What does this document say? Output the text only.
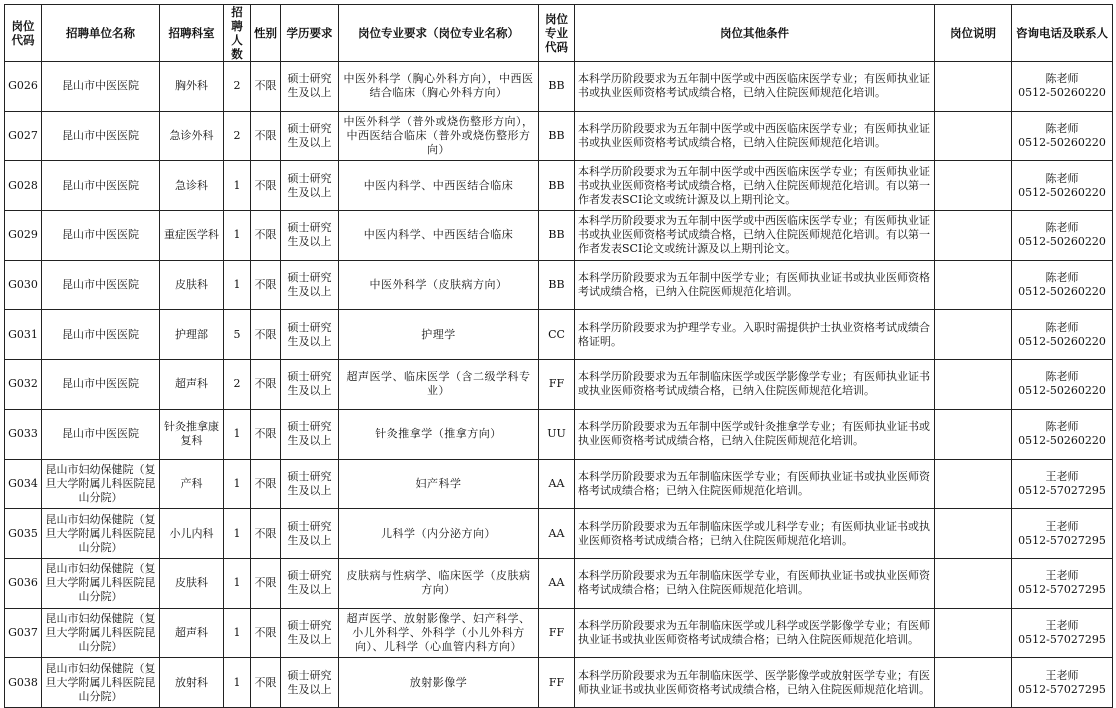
岗位代码	招聘单位名称	招聘科室	招聘人数	性别	学历要求	岗位专业要求（岗位专业名称）	岗位专业代码	岗位其他条件	岗位说明	咨询电话及联系人
G026	昆山市中医医院	胸外科	2	不限	硕士研究生及以上	中医外科学（胸心外科方向），中西医结合临床（胸心外科方向）	BB	本科学历阶段要求为五年制中医学或中西医临床医学专业；有医师执业证书或执业医师资格考试成绩合格，已纳入住院医师规范化培训。		陈老师
0512-50260220

G027	昆山市中医医院	急诊外科	2	不限	硕士研究生及以上	中医外科学（普外或烧伤整形方向），中西医结合临床（普外或烧伤整形方向）	BB	本科学历阶段要求为五年制中医学或中西医临床医学专业；有医师执业证书或执业医师资格考试成绩合格，已纳入住院医师规范化培训。		陈老师
0512-50260220

G028	昆山市中医医院	急诊科	1	不限	硕士研究生及以上	中医内科学、中西医结合临床	BB	本科学历阶段要求为五年制中医学或中西医临床医学专业；有医师执业证书或执业医师资格考试成绩合格，已纳入住院医师规范化培训。有以第一作者发表SCI论文或统计源及以上期刊论文。		陈老师
0512-50260220

G029	昆山市中医医院	重症医学科	1	不限	硕士研究生及以上	中医内科学、中西医结合临床	BB	本科学历阶段要求为五年制中医学或中西医临床医学专业；有医师执业证书或执业医师资格考试成绩合格，已纳入住院医师规范化培训。有以第一作者发表SCI论文或统计源及以上期刊论文。		陈老师
0512-50260220

G030	昆山市中医医院	皮肤科	1	不限	硕士研究生及以上	中医外科学（皮肤病方向）	BB	本科学历阶段要求为五年制中医学专业；有医师执业证书或执业医师资格考试成绩合格，已纳入住院医师规范化培训。		陈老师
0512-50260220

G031	昆山市中医医院	护理部	5	不限	硕士研究生及以上	护理学	CC	本科学历阶段要求为护理学专业。入职时需提供护士执业资格考试成绩合格证明。		陈老师
0512-50260220

G032	昆山市中医医院	超声科	2	不限	硕士研究生及以上	超声医学、临床医学（含二级学科专业）	FF	本科学历阶段要求为五年制临床医学或医学影像学专业；有医师执业证书或执业医师资格考试成绩合格，已纳入住院医师规范化培训。		陈老师
0512-50260220

G033	昆山市中医医院	针灸推拿康复科	1	不限	硕士研究生及以上	针灸推拿学（推拿方向）	UU	本科学历阶段要求为五年制中医学或针灸推拿学专业；有医师执业证书或执业医师资格考试成绩合格，已纳入住院医师规范化培训。		陈老师
0512-50260220

G034	昆山市妇幼保健院（复旦大学附属儿科医院昆山分院）	产科	1	不限	硕士研究生及以上	妇产科学	AA	本科学历阶段要求为五年制临床医学专业；有医师执业证书或执业医师资格考试成绩合格；已纳入住院医师规范化培训。		王老师
0512-57027295

G035	昆山市妇幼保健院（复旦大学附属儿科医院昆山分院）	小儿内科	1	不限	硕士研究生及以上	儿科学（内分泌方向）	AA	本科学历阶段要求为五年制临床医学或儿科学专业；有医师执业证书或执业医师资格考试成绩合格；已纳入住院医师规范化培训。		王老师
0512-57027295

G036	昆山市妇幼保健院（复旦大学附属儿科医院昆山分院）	皮肤科	1	不限	硕士研究生及以上	皮肤病与性病学、临床医学（皮肤病方向）	AA	本科学历阶段要求为五年制临床医学专业，有医师执业证书或执业医师资格考试成绩合格；已纳入住院医师规范化培训。		王老师
0512-57027295

G037	昆山市妇幼保健院（复旦大学附属儿科医院昆山分院）	超声科	1	不限	硕士研究生及以上	超声医学、放射影像学、妇产科学、小儿外科学、外科学（小儿外科方向）、儿科学（心血管内科方向）	FF	本科学历阶段要求为五年制临床医学或儿科学或医学影像学专业；有医师执业证书或执业医师资格考试成绩合格；已纳入住院医师规范化培训。		王老师
0512-57027295

G038	昆山市妇幼保健院（复旦大学附属儿科医院昆山分院）	放射科	1	不限	硕士研究生及以上	放射影像学	FF	本科学历阶段要求为五年制临床医学、医学影像学或放射医学专业；有医师执业证书或执业医师资格考试成绩合格，已纳入住院医师规范化培训。		王老师
0512-57027295
